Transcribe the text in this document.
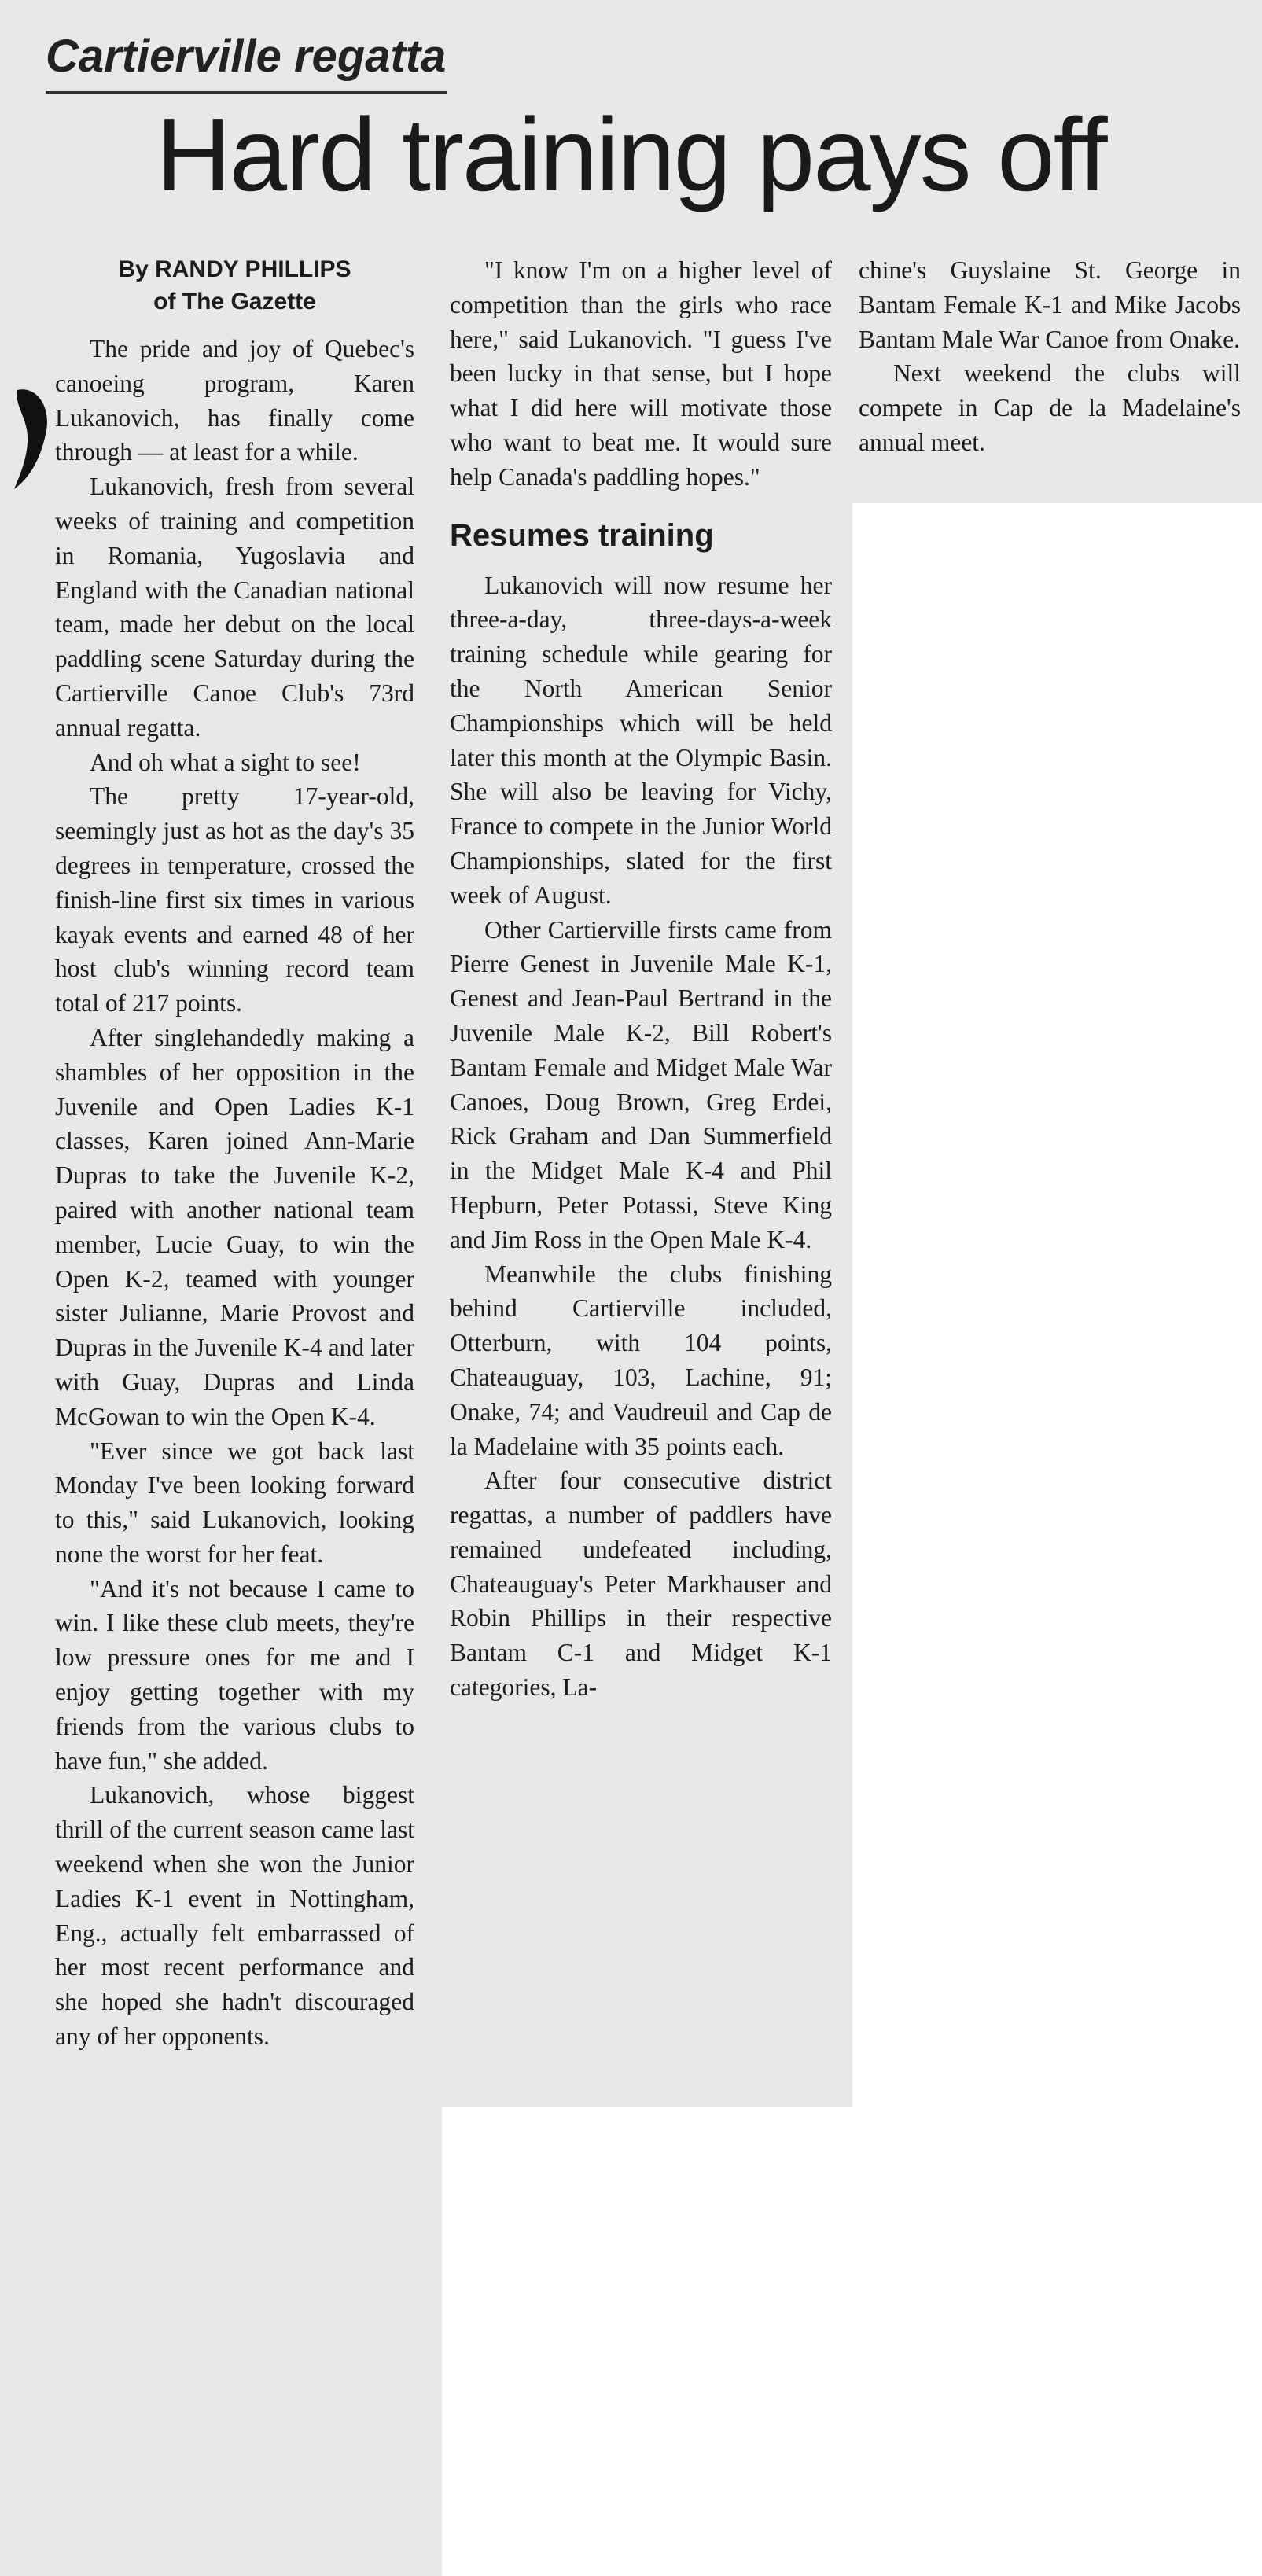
Cartierville regatta
Hard training pays off

By RANDY PHILLIPS

of The Gazette

The pride and joy of Quebec's canoeing program, Karen Lukanovich, has finally come through — at least for a while.

Lukanovich, fresh from several weeks of training and competition in Romania, Yugoslavia and England with the Canadian national team, made her debut on the local paddling scene Saturday during the Cartierville Canoe Club's 73rd annual regatta.

And oh what a sight to see!

The pretty 17-year-old, seemingly just as hot as the day's 35 degrees in temperature, crossed the finish-line first six times in various kayak events and earned 48 of her host club's winning record team total of 217 points.

After singlehandedly making a shambles of her opposition in the Juvenile and Open Ladies K-1 classes, Karen joined Ann-Marie Dupras to take the Juvenile K-2, paired with another national team member, Lucie Guay, to win the Open K-2, teamed with younger sister Julianne, Marie Provost and Dupras in the Juvenile K-4 and later with Guay, Dupras and Linda McGowan to win the Open K-4.

"Ever since we got back last Monday I've been looking forward to this," said Lukanovich, looking none the worst for her feat.

"And it's not because I came to win. I like these club meets, they're low pressure ones for me and I enjoy getting together with my friends from the various clubs to have fun," she added.

Lukanovich, whose biggest thrill of the current season came last weekend when she won the Junior Ladies K-1 event in Nottingham, Eng., actually felt embarrassed of her most recent performance and she hoped she hadn't discouraged any of her opponents.

"I know I'm on a higher level of competition than the girls who race here," said Lukanovich. "I guess I've been lucky in that sense, but I hope what I did here will motivate those who want to beat me. It would sure help Canada's paddling hopes."

Resumes training

Lukanovich will now resume her three-a-day, three-days-a-week training schedule while gearing for the North American Senior Championships which will be held later this month at the Olympic Basin. She will also be leaving for Vichy, France to compete in the Junior World Championships, slated for the first week of August.

Other Cartierville firsts came from Pierre Genest in Juvenile Male K-1, Genest and Jean-Paul Bertrand in the Juvenile Male K-2, Bill Robert's Bantam Female and Midget Male War Canoes, Doug Brown, Greg Erdei, Rick Graham and Dan Summerfield in the Midget Male K-4 and Phil Hepburn, Peter Potassi, Steve King and Jim Ross in the Open Male K-4.

Meanwhile the clubs finishing behind Cartierville included, Otterburn, with 104 points, Chateauguay, 103, Lachine, 91; Onake, 74; and Vaudreuil and Cap de la Madelaine with 35 points each.

After four consecutive district regattas, a number of paddlers have remained undefeated including, Chateauguay's Peter Markhauser and Robin Phillips in their respective Bantam C-1 and Midget K-1 categories, La-

chine's Guyslaine St. George in Bantam Female K-1 and Mike Jacobs Bantam Male War Canoe from Onake.

Next weekend the clubs will compete in Cap de la Madelaine's annual meet.
